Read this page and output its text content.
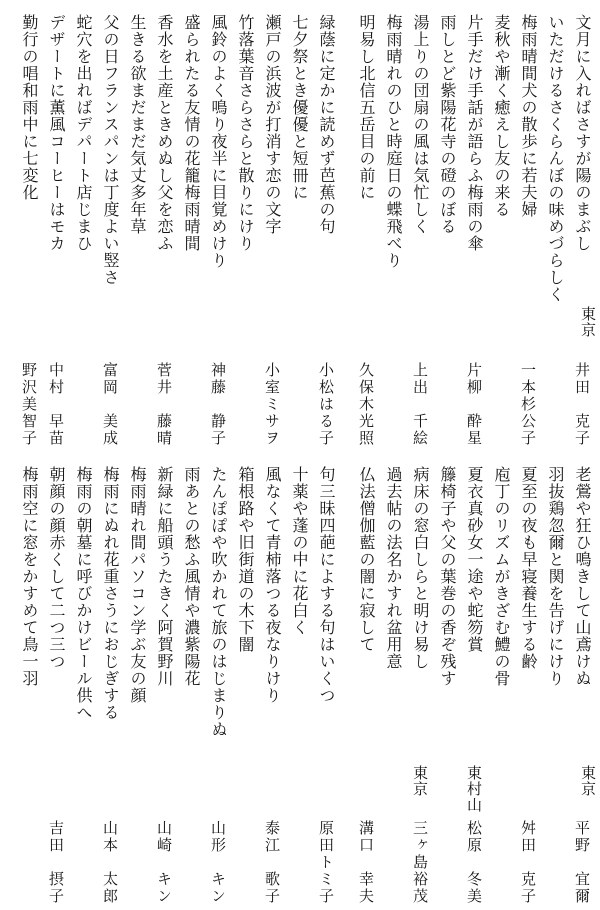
文月に入ればさすが陽のまぶし
いただけるさくらんぼの味めづらしく
梅雨晴間犬の散歩に若夫婦
麦秋や漸く癒えし友の来る
片手だけ手話が語らふ梅雨の傘
雨しとど紫陽花寺の磴のぼる
湯上りの団扇の風は気忙しく
梅雨晴れのひと時庭日の蝶飛べり
明易し北信五岳目の前に
緑蔭に定かに読めず芭蕉の句
七夕祭とき優優と短冊に
瀬戸の浜波が打消す恋の文字
竹落葉音さらさらと散りにけり
風鈴のよく鳴り夜半に目覚めけり
盛られたる友情の花籠梅雨晴間
香水を土産ときめぬし父を恋ふ
生きる欲まだまだ気丈多年草
父の日フランスパンは丁度よい竪さ
蛇穴を出ればデパート店じまひ
デザートに薫風コーヒーはモカ
勤行の唱和雨中に七変化
東京
井田　克子
一本杉公子
片柳　酔星
上出　千絵
久保木光照
小松はる子
小室ミサヲ
神藤　静子
菅井　藤晴
富岡　美成
中村　早苗
野沢美智子
老鶯や狂ひ鳴きして山鳶けぬ
羽抜鶏忽爾と関を告げにけり
夏至の夜も早寝養生する齢
庖丁のリズムがきざむ鱧の骨
夏衣真砂女一途や蛇笏賞
籐椅子や父の葉巻の香ぞ残す
病床の窓白しらと明け易し
過去帖の法名かすれ盆用意
仏法僧伽藍の闇に寂して
句三昧四葩によする句はいくつ
十薬や蓬の中に花白く
風なくて青柿落つる夜なりけり
箱根路や旧街道の木下闇
たんぽぽや吹かれて旅のはじまりぬ
雨あとの愁ふ風情や濃紫陽花
新緑に船頭うたきく阿賀野川
梅雨晴れ間パソコン学ぶ友の顔
梅雨にぬれ花重さうにおじぎする
梅雨の朝墓に呼びかけビール供へ
朝顔の顔赤くして二つ三つ
梅雨空に窓をかすめて鳥一羽
東京
平野　宜爾
舛田　克子
東村山
松原　冬美
東京
三ヶ島裕茂
溝口　幸夫
原田トミ子
泰江　歌子
山形　キン
山崎　キン
山本　太郎
吉田　摂子
